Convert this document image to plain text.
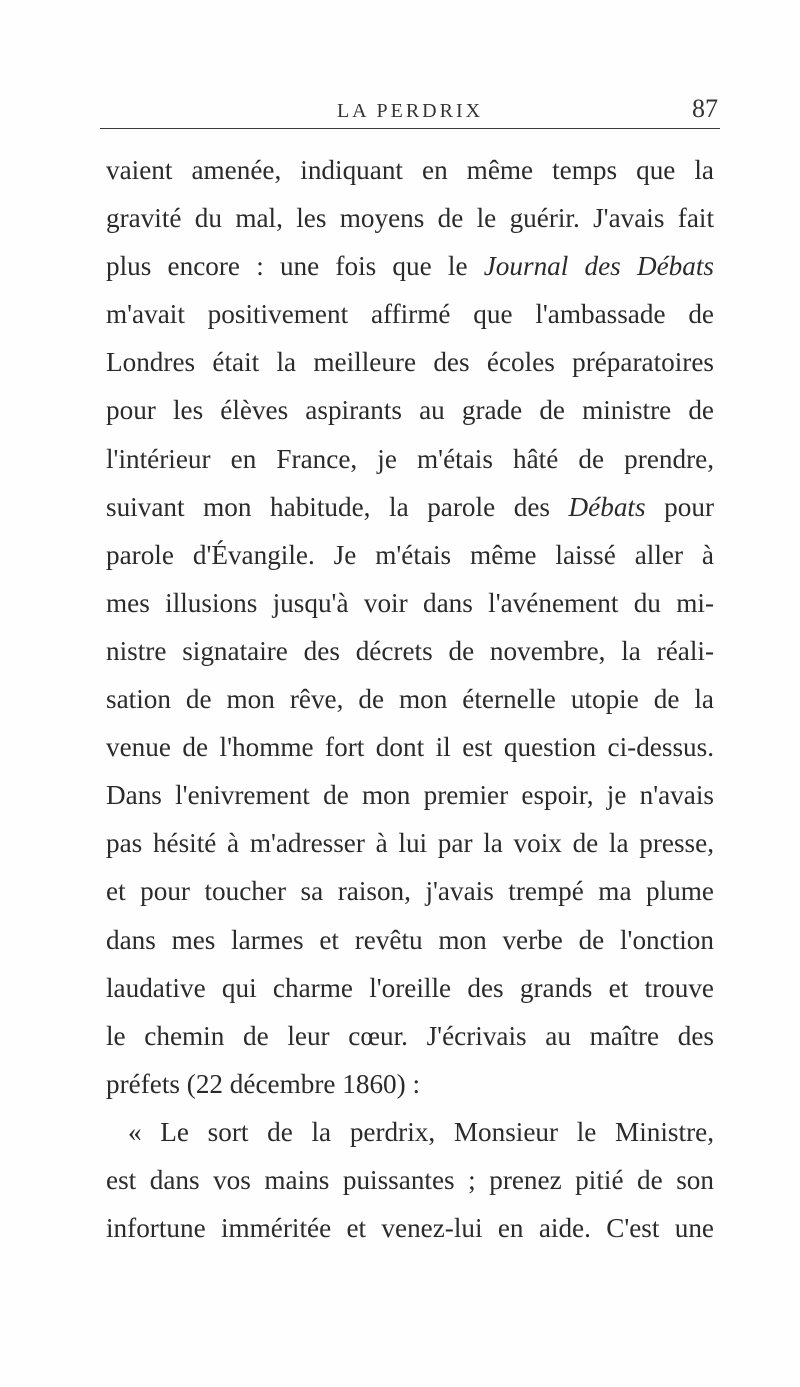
LA PERDRIX	87
vaient amenée, indiquant en même temps que la
gravité du mal, les moyens de le guérir. J'avais fait
plus encore : une fois que le Journal des Débats
m'avait positivement affirmé que l'ambassade de
Londres était la meilleure des écoles préparatoires
pour les élèves aspirants au grade de ministre de
l'intérieur en France, je m'étais hâté de prendre,
suivant mon habitude, la parole des Débats pour
parole d'Évangile. Je m'étais même laissé aller à
mes illusions jusqu'à voir dans l'avénement du mi-
nistre signataire des décrets de novembre, la réali-
sation de mon rêve, de mon éternelle utopie de la
venue de l'homme fort dont il est question ci-dessus.
Dans l'enivrement de mon premier espoir, je n'avais
pas hésité à m'adresser à lui par la voix de la presse,
et pour toucher sa raison, j'avais trempé ma plume
dans mes larmes et revêtu mon verbe de l'onction
laudative qui charme l'oreille des grands et trouve
le chemin de leur cœur. J'écrivais au maître des
préfets (22 décembre 1860) :
« Le sort de la perdrix, Monsieur le Ministre,
est dans vos mains puissantes ; prenez pitié de son
infortune imméritée et venez-lui en aide. C'est une
